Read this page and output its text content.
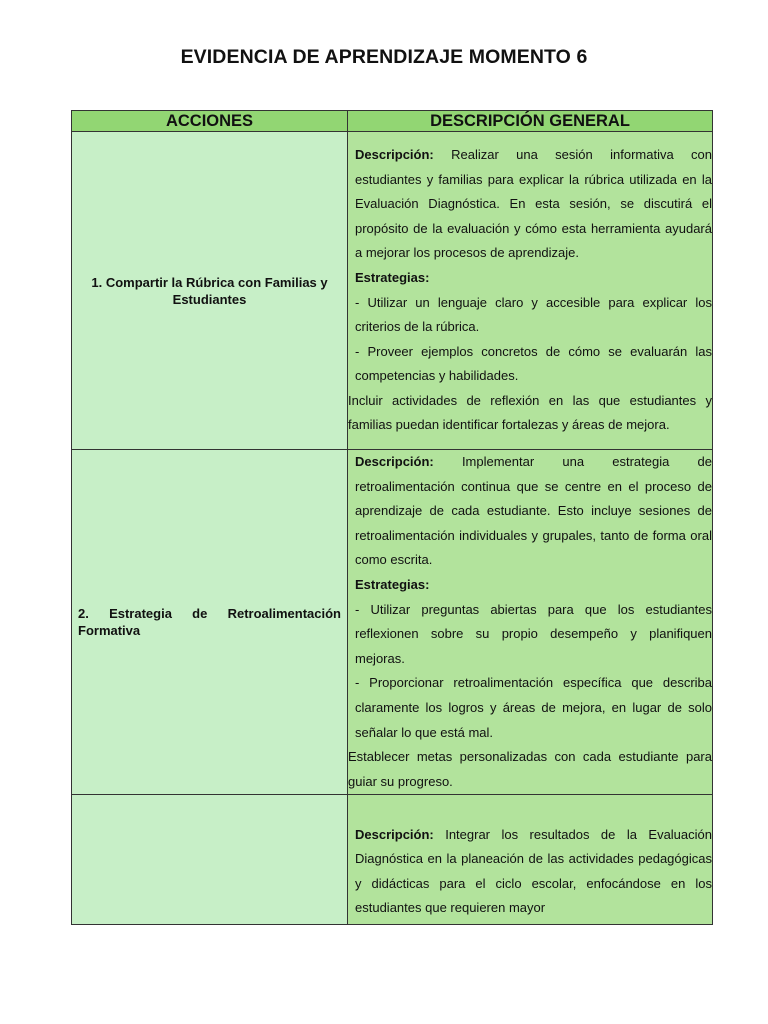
EVIDENCIA DE APRENDIZAJE MOMENTO 6
ACCIONES	DESCRIPCIÓN GENERAL

1. Compartir la Rúbrica con Familias y Estudiantes	Descripción: Realizar una sesión informativa con estudiantes y familias para explicar la rúbrica utilizada en la Evaluación Diagnóstica. En esta sesión, se discutirá el propósito de la evaluación y cómo esta herramienta ayudará a mejorar los procesos de aprendizaje.
Estrategias:
- Utilizar un lenguaje claro y accesible para explicar los criterios de la rúbrica.
- Proveer ejemplos concretos de cómo se evaluarán las competencias y habilidades.
Incluir actividades de reflexión en las que estudiantes y familias puedan identificar fortalezas y áreas de mejora.

2. Estrategia de Retroalimentación Formativa	Descripción: Implementar una estrategia de retroalimentación continua que se centre en el proceso de aprendizaje de cada estudiante. Esto incluye sesiones de retroalimentación individuales y grupales, tanto de forma oral como escrita.
Estrategias:
- Utilizar preguntas abiertas para que los estudiantes reflexionen sobre su propio desempeño y planifiquen mejoras.
- Proporcionar retroalimentación específica que describa claramente los logros y áreas de mejora, en lugar de solo señalar lo que está mal.
Establecer metas personalizadas con cada estudiante para guiar su progreso.

	Descripción: Integrar los resultados de la Evaluación Diagnóstica en la planeación de las actividades pedagógicas y didácticas para el ciclo escolar, enfocándose en los estudiantes que requieren mayor
